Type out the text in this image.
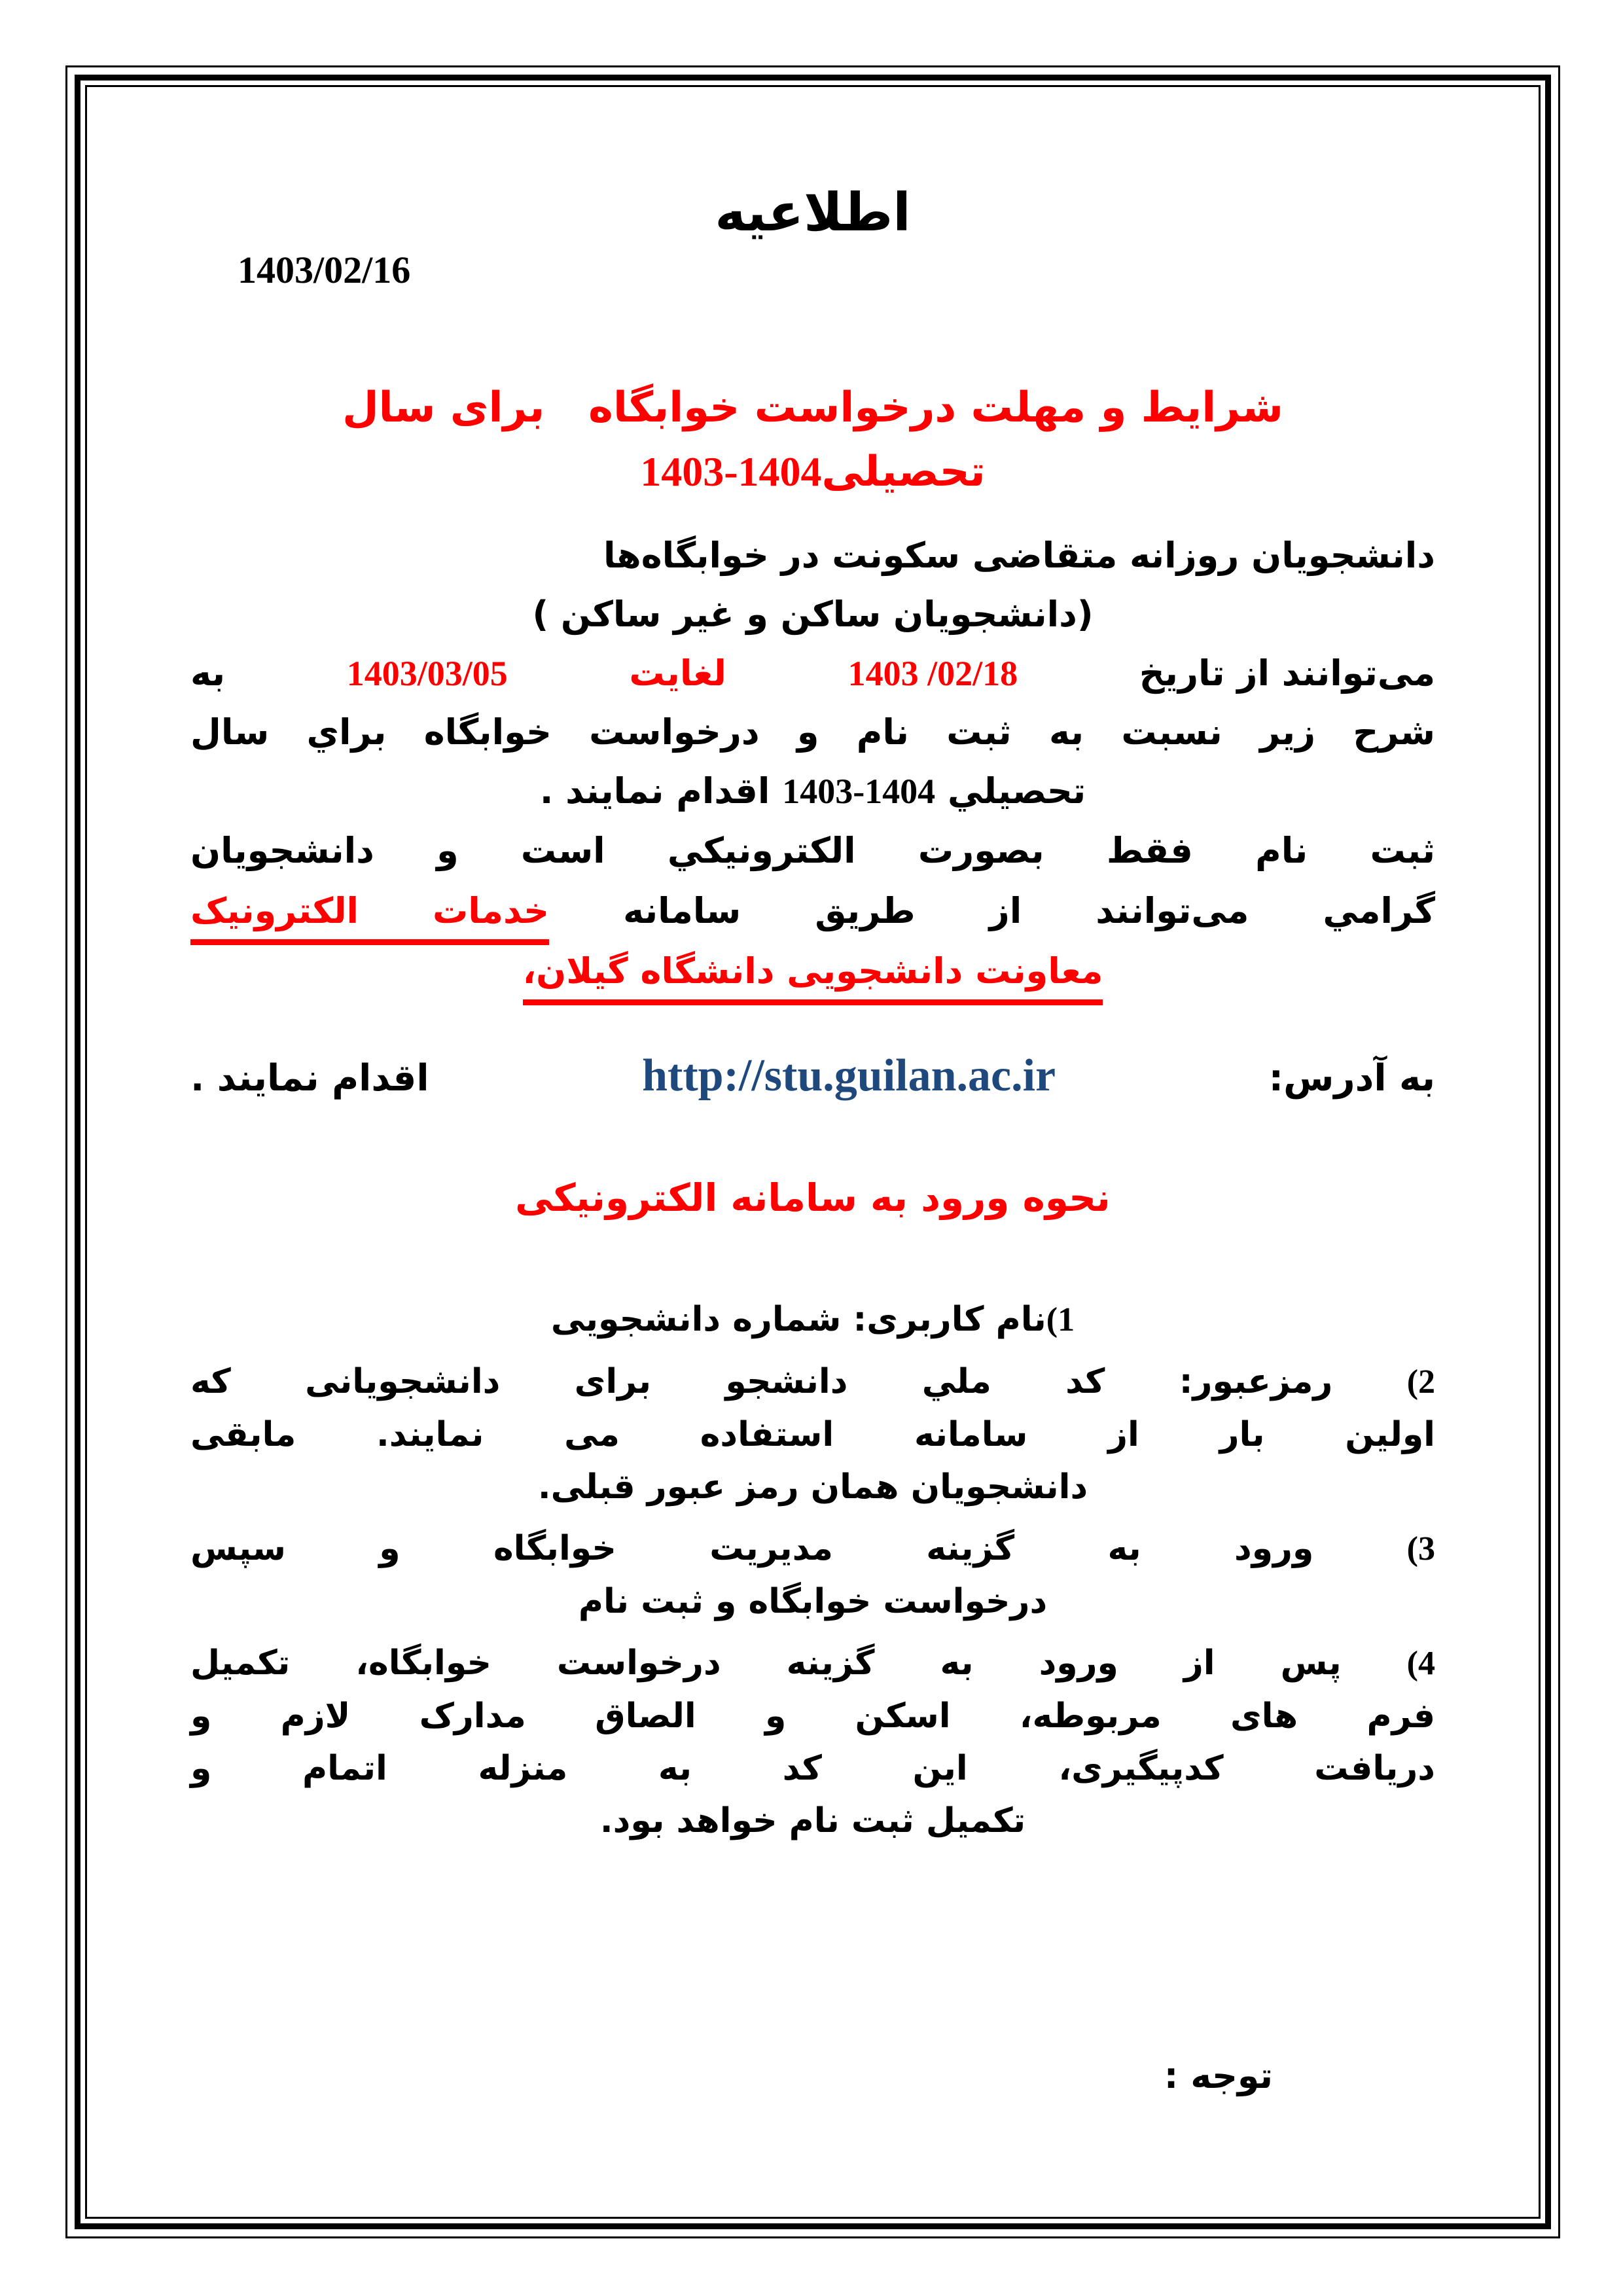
اطلاعیه
1403/02/16
شرایط و مهلت درخواست خوابگاه   برای سال
تحصیلی1403-1404
دانشجویان روزانه متقاضی سکونت در خوابگاه‌ها
(دانشجویان ساکن و غیر ساکن )
می‌توانند از تاریخ
1403 /02/18
لغایت
1403/03/05
به
شرح زیر نسبت به ثبت نام و درخواست خوابگاه براي سال
تحصیلي 1403-1404 اقدام نمایند .
ثبت نام فقط بصورت الکترونیکي است و دانشجویان
گرامي می‌توانند از طریق سامانه خدمات الکترونیک
معاونت دانشجویی دانشگاه گیلان،
به آدرس:
http://stu.guilan.ac.ir
اقدام نمایند .
نحوه ورود به سامانه الکترونیکی
1)نام کاربری: شماره دانشجویی
2) رمزعبور: کد ملي دانشجو برای دانشجویانی که
اولین بار از سامانه استفاده می نمایند. مابقی
دانشجویان همان رمز عبور قبلی.
3) ورود به گزینه مدیریت خوابگاه و سپس
درخواست خوابگاه و ثبت نام
4) پس از ورود به گزینه درخواست خوابگاه، تکمیل
فرم های مربوطه، اسکن و الصاق مدارک لازم و
دریافت کدپیگیری، این کد به منزله اتمام و
تکمیل ثبت نام خواهد بود.
توجه :
